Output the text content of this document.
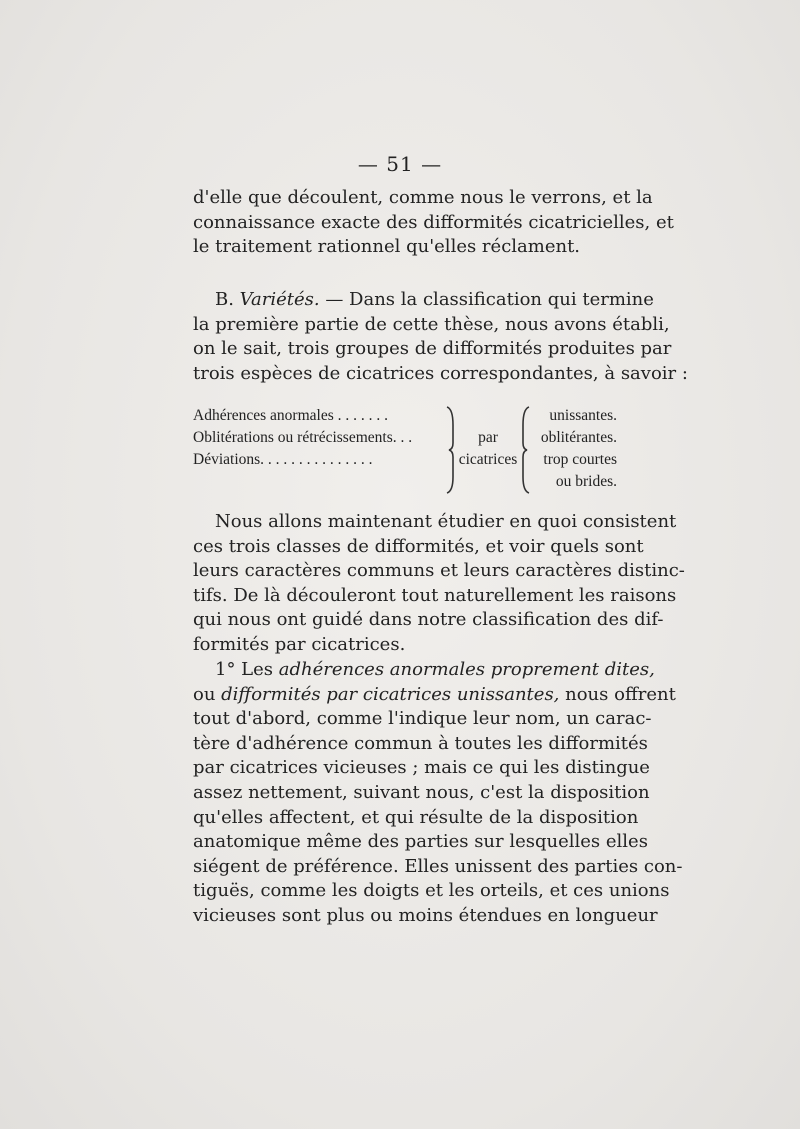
— 51 —
d'elle que découlent, comme nous le verrons, et la
connaissance exacte des difformités cicatricielles, et
le traitement rationnel qu'elles réclament.
B. Variétés. — Dans la classification qui termine
la première partie de cette thèse, nous avons établi,
on le sait, trois groupes de difformités produites par
trois espèces de cicatrices correspondantes, à savoir :
Adhérences anormales . . . . . . .
Oblitérations ou rétrécissements. . .
Déviations. . . . . . . . . . . . . . .
par
cicatrices
unissantes.
oblitérantes.
trop courtes
ou brides.
Nous allons maintenant étudier en quoi consistent
ces trois classes de difformités, et voir quels sont
leurs caractères communs et leurs caractères distinc-
tifs. De là découleront tout naturellement les raisons
qui nous ont guidé dans notre classification des dif-
formités par cicatrices.
1° Les adhérences anormales proprement dites,
ou difformités par cicatrices unissantes, nous offrent
tout d'abord, comme l'indique leur nom, un carac-
tère d'adhérence commun à toutes les difformités
par cicatrices vicieuses ; mais ce qui les distingue
assez nettement, suivant nous, c'est la disposition
qu'elles affectent, et qui résulte de la disposition
anatomique même des parties sur lesquelles elles
siégent de préférence. Elles unissent des parties con-
tiguës, comme les doigts et les orteils, et ces unions
vicieuses sont plus ou moins étendues en longueur
